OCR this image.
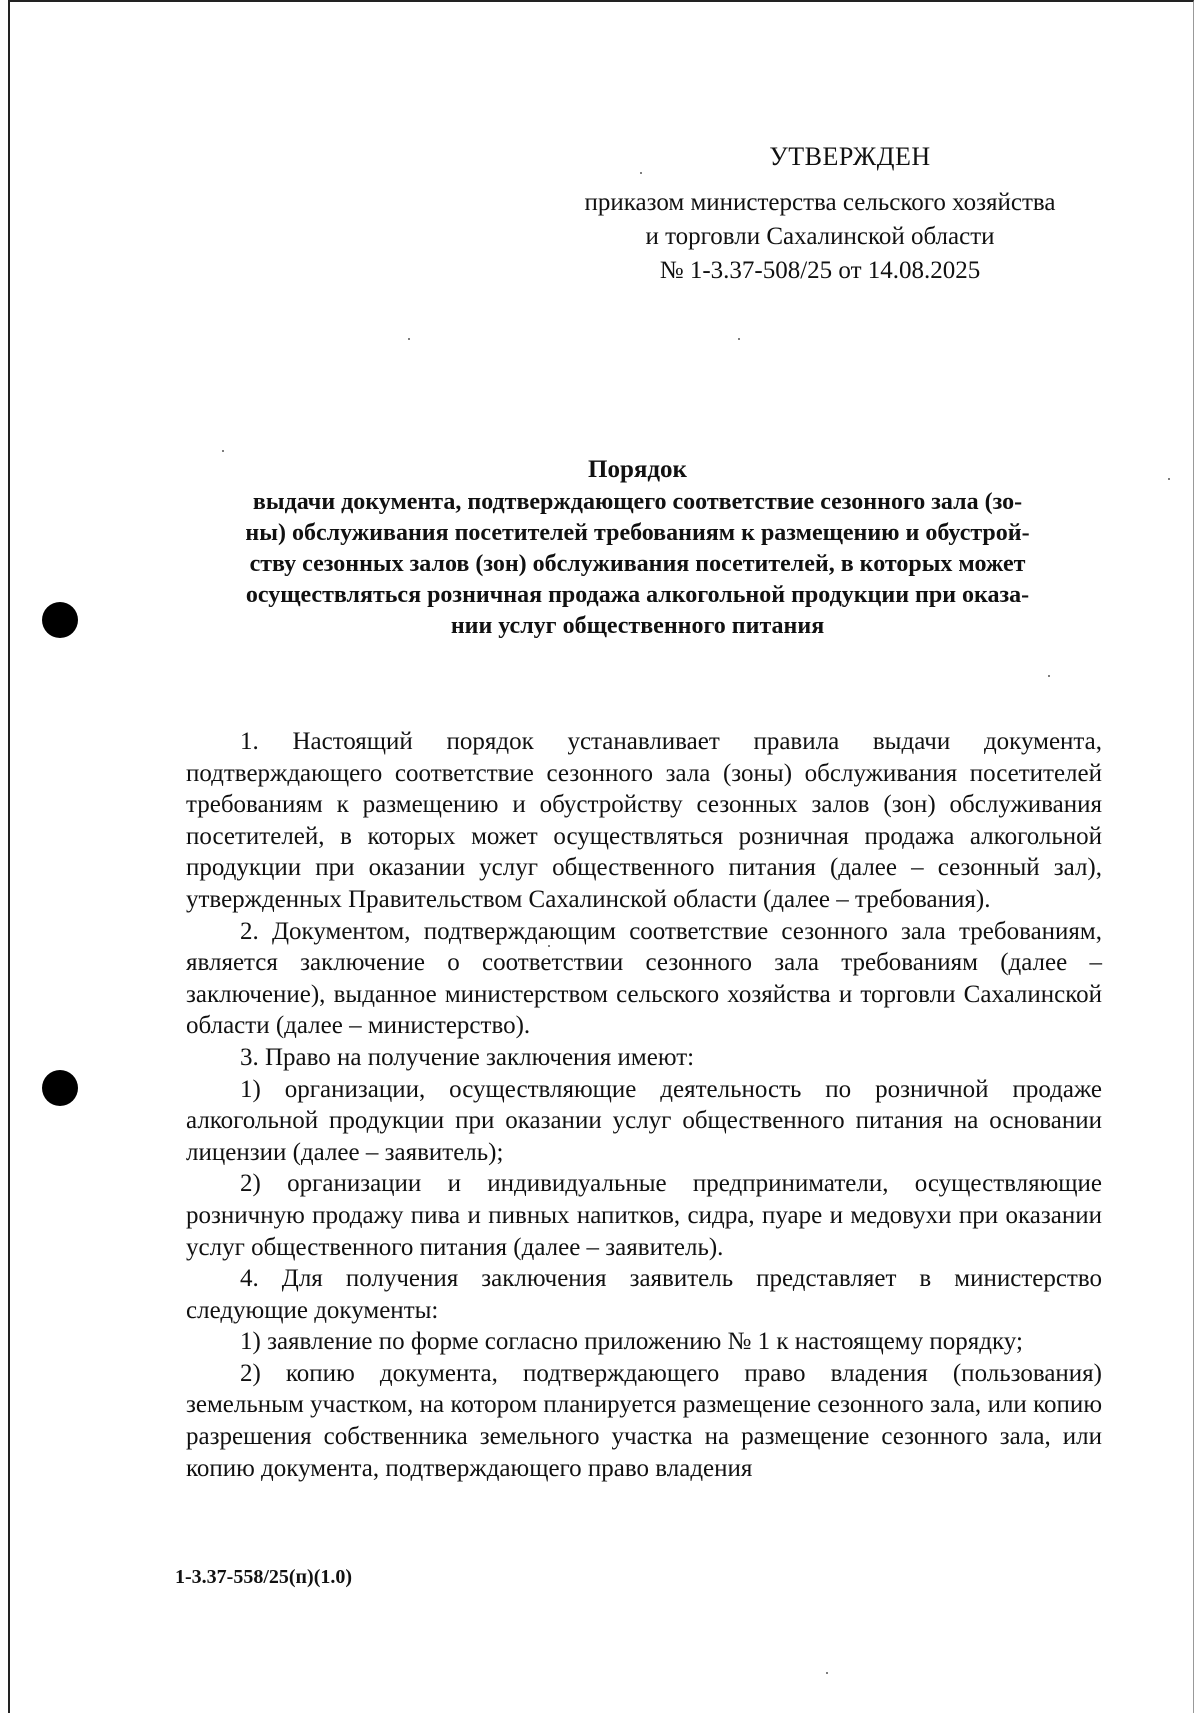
УТВЕРЖДЕН
приказом министерства сельского хозяйства
и торговли Сахалинской области
№ 1-3.37-508/25 от 14.08.2025
Порядок
выдачи документа, подтверждающего соответствие сезонного зала (зо-
ны) обслуживания посетителей требованиям к размещению и обустрой-
ству сезонных залов (зон) обслуживания посетителей, в которых может
осуществляться розничная продажа алкогольной продукции при оказа-
нии услуг общественного питания

1. Настоящий порядок устанавливает правила выдачи документа, подтверждающего соответствие сезонного зала (зоны) обслуживания посетителей требованиям к размещению и обустройству сезонных залов (зон) обслуживания посетителей, в которых может осуществляться розничная продажа алкогольной продукции при оказании услуг общественного питания (далее – сезонный зал), утвержденных Правительством Сахалинской области (далее – требования).

2. Документом, подтверждающим соответствие сезонного зала требованиям, является заключение о соответствии сезонного зала требованиям (далее – заключение), выданное министерством сельского хозяйства и торговли Сахалинской области (далее – министерство).

3. Право на получение заключения имеют:

1) организации, осуществляющие деятельность по розничной продаже алкогольной продукции при оказании услуг общественного питания на основании лицензии (далее – заявитель);

2) организации и индивидуальные предприниматели, осуществляющие розничную продажу пива и пивных напитков, сидра, пуаре и медовухи при оказании услуг общественного питания (далее – заявитель).

4. Для получения заключения заявитель представляет в министерство следующие документы:

1) заявление по форме согласно приложению № 1 к настоящему порядку;

2) копию документа, подтверждающего право владения (пользования) земельным участком, на котором планируется размещение сезонного зала, или копию разрешения собственника земельного участка на размещение сезонного зала, или копию документа, подтверждающего право владения

1-3.37-558/25(п)(1.0)
